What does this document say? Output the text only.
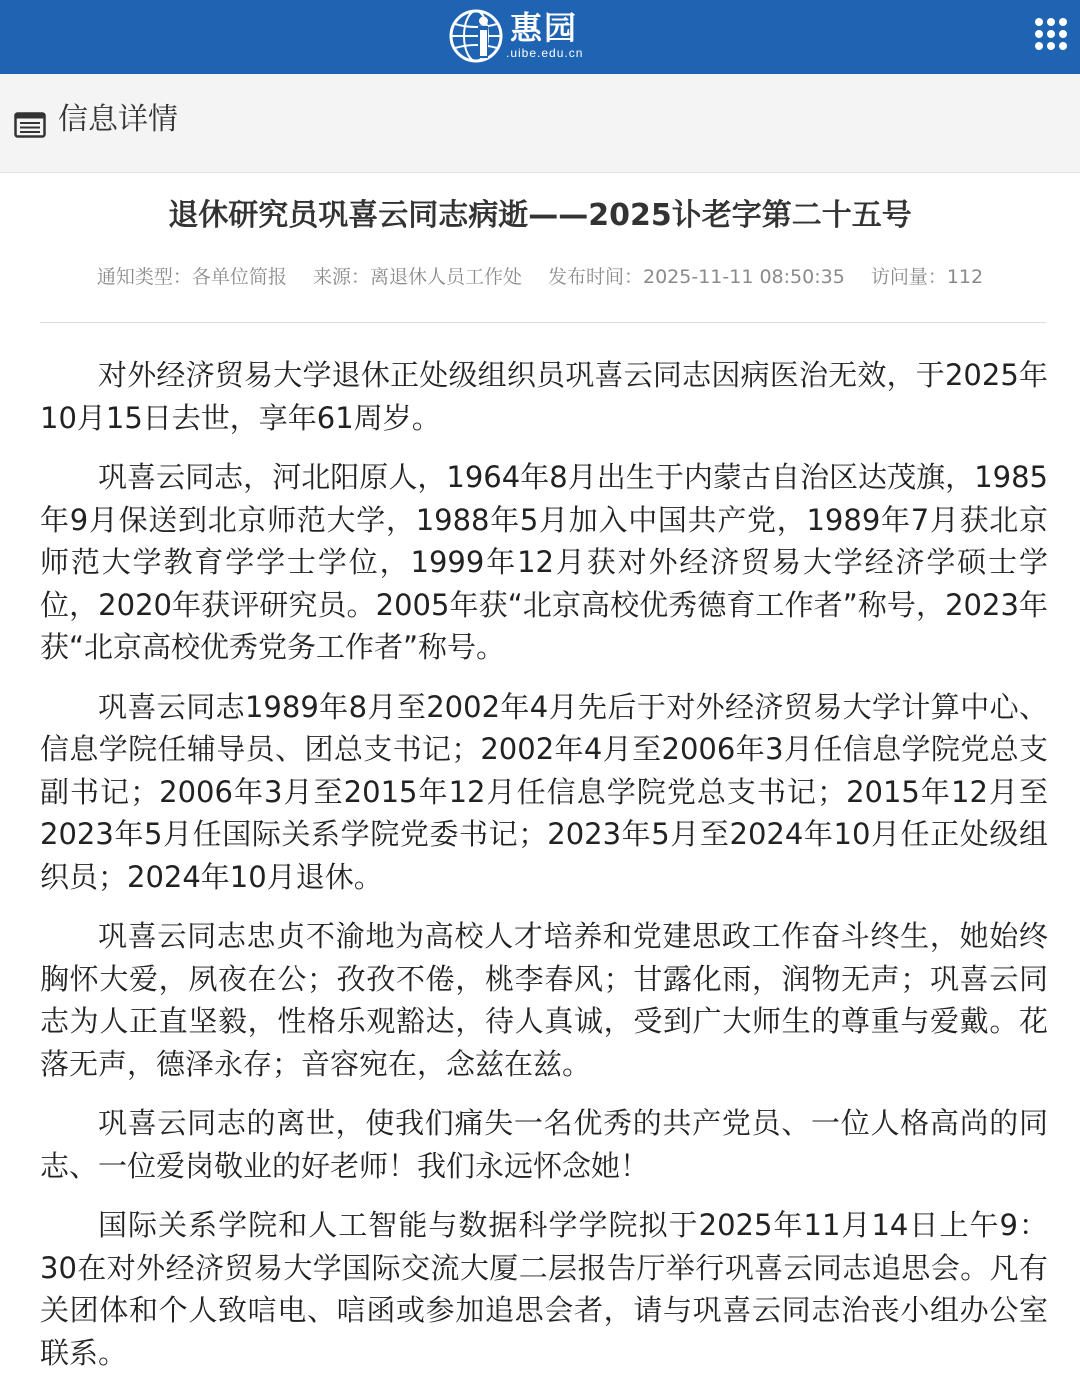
惠园
.uibe.edu.cn
信息详情
退休研究员巩喜云同志病逝——2025讣老字第二十五号
通知类型：各单位简报 来源：离退休人员工作处 发布时间：2025-11-11 08:50:35 访问量：112

对外经济贸易大学退休正处级组织员巩喜云同志因病医治无效，于2025年10月15日去世，享年61周岁。

巩喜云同志，河北阳原人，1964年8月出生于内蒙古自治区达茂旗，1985年9月保送到北京师范大学，1988年5月加入中国共产党，1989年7月获北京师范大学教育学学士学位，1999年12月获对外经济贸易大学经济学硕士学位，2020年获评研究员。2005年获“北京高校优秀德育工作者”称号，2023年获“北京高校优秀党务工作者”称号。

巩喜云同志1989年8月至2002年4月先后于对外经济贸易大学计算中心、信息学院任辅导员、团总支书记；2002年4月至2006年3月任信息学院党总支副书记；2006年3月至2015年12月任信息学院党总支书记；2015年12月至2023年5月任国际关系学院党委书记；2023年5月至2024年10月任正处级组织员；2024年10月退休。

巩喜云同志忠贞不渝地为高校人才培养和党建思政工作奋斗终生，她始终胸怀大爱，夙夜在公；孜孜不倦，桃李春风；甘露化雨，润物无声；巩喜云同志为人正直坚毅，性格乐观豁达，待人真诚，受到广大师生的尊重与爱戴。花落无声，德泽永存；音容宛在，念兹在兹。

巩喜云同志的离世，使我们痛失一名优秀的共产党员、一位人格高尚的同志、一位爱岗敬业的好老师！我们永远怀念她！

国际关系学院和人工智能与数据科学学院拟于2025年11月14日上午9：30在对外经济贸易大学国际交流大厦二层报告厅举行巩喜云同志追思会。凡有关团体和个人致唁电、唁函或参加追思会者，请与巩喜云同志治丧小组办公室联系。
